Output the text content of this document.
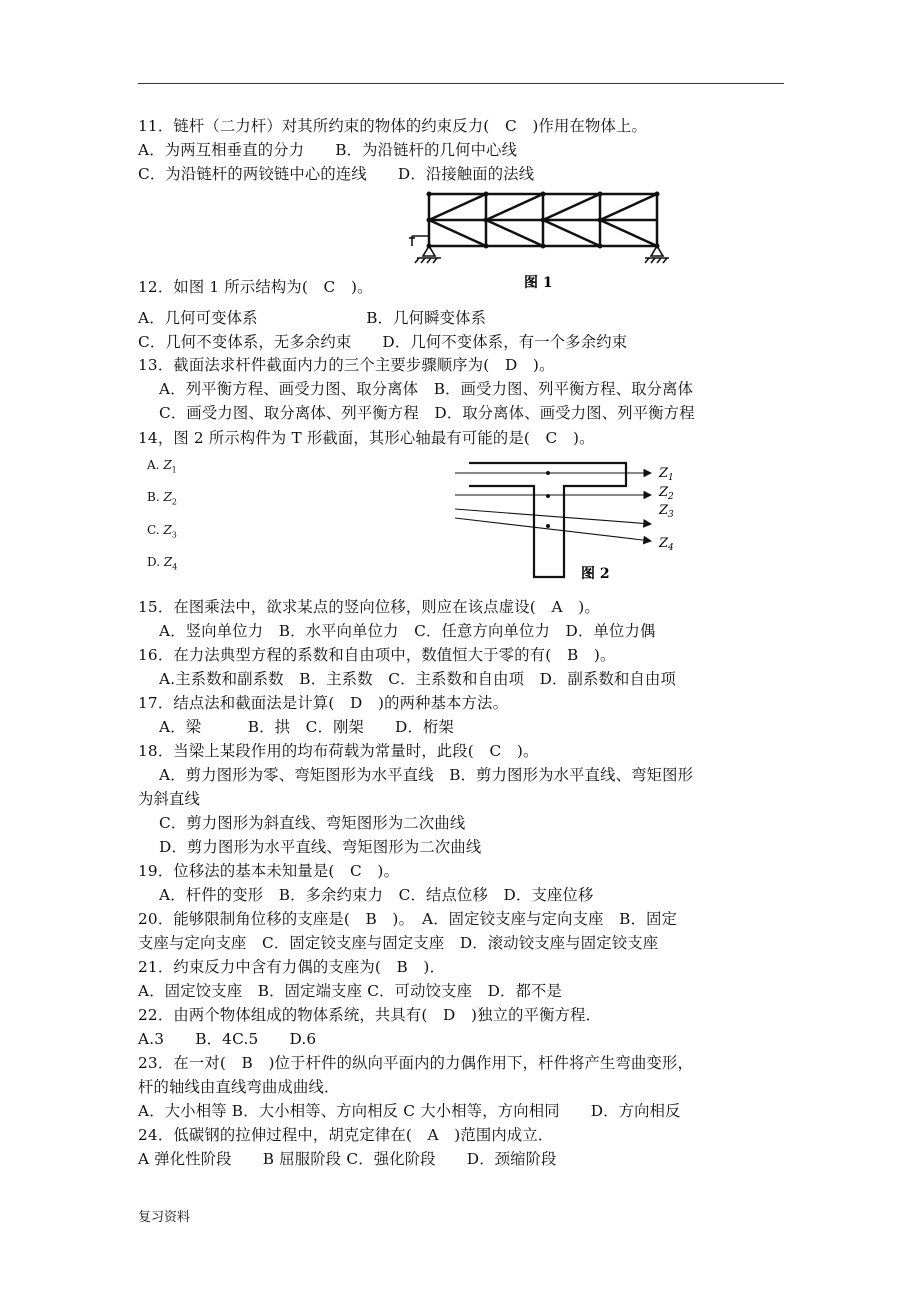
11．链杆（二力杆）对其所约束的物体的约束反力(　C　)作用在物体上。
A．为两互相垂直的分力　　B．为沿链杆的几何中心线
C．为沿链杆的两铰链中心的连线　　D．沿接触面的法线
图 1
12．如图 1 所示结构为(　C　)。
A．几何可变体系　　　　　　　B．几何瞬变体系
C．几何不变体系，无多余约束　　D．几何不变体系，有一个多余约束
13．截面法求杆件截面内力的三个主要步骤顺序为(　D　)。
A．列平衡方程、画受力图、取分离体　B．画受力图、列平衡方程、取分离体
C．画受力图、取分离体、列平衡方程　D．取分离体、画受力图、列平衡方程
14，图 2 所示构件为 T 形截面，其形心轴最有可能的是(　C　)。
A. $Z_1$
B. $Z_2$
C. $Z_3$
D. $Z_4$
$Z_1$
$Z_2$
$Z_3$
$Z_4$
图 2
15．在图乘法中，欲求某点的竖向位移，则应在该点虚设(　A　)。
A．竖向单位力　B．水平向单位力　C．任意方向单位力　D．单位力偶
16．在力法典型方程的系数和自由项中，数值恒大于零的有(　B　)。
A.主系数和副系数　B．主系数　C．主系数和自由项　D．副系数和自由项
17．结点法和截面法是计算(　D　)的两种基本方法。
A．梁　　　B．拱　C．刚架　　D．桁架
18．当梁上某段作用的均布荷载为常量时，此段(　C　)。
A．剪力图形为零、弯矩图形为水平直线　B．剪力图形为水平直线、弯矩图形
为斜直线
C．剪力图形为斜直线、弯矩图形为二次曲线
D．剪力图形为水平直线、弯矩图形为二次曲线
19．位移法的基本未知量是(　C　)。
A．杆件的变形　B．多余约束力　C．结点位移　D．支座位移
20．能够限制角位移的支座是(　B　)。　A．固定铰支座与定向支座　B．固定
支座与定向支座　C．固定铰支座与固定支座　D．滚动铰支座与固定铰支座
21．约束反力中含有力偶的支座为(　B　)．
A．固定饺支座　B．固定端支座 C．可动饺支座　D．都不是
22．由两个物体组成的物体系统，共具有(　D　)独立的平衡方程．
A.3　　B．4C.5　　D.6
23．在一对(　B　)位于杆件的纵向平面内的力偶作用下，杆件将产生弯曲变形，
杆的轴线由直线弯曲成曲线．
A．大小相等 B．大小相等、方向相反 C 大小相等，方向相同　　D．方向相反
24．低碳钢的拉伸过程中，胡克定律在(　A　)范围内成立．
A 弹化性阶段　　B 屈服阶段 C．强化阶段　　D．颈缩阶段
复习资料
